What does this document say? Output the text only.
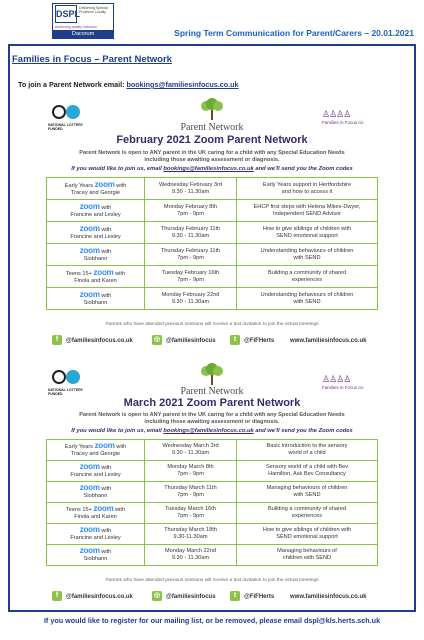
DSPL
Delivering Special Provision Locally
Achieving quality inclusion
Dacorum	Spring Term Communication for Parent/Carers – 20.01.2021
Families in Focus – Parent Network
To join a Parent Network email: bookings@familiesinfocus.co.uk
NATIONAL LOTTERY FUNDED	Parent Network
♙♙♙♙
Families in Focus cic
February 2021 Zoom Parent Network
Parent Network is open to ANY parent in the UK caring for a child with any Special Education Needs
including those awaiting assessment or diagnosis.
If you would like to join us, email bookings@familiesinfocus.co.uk and we'll send you the Zoom codes
Early Years zoom with
Tracey and Georgie	Wednesday February 3rd
9.30 - 11.30am	Early Years support in Hertfordshire
and how to access it
zoom with
Francine and Lesley	Monday February 8th
7pm - 9pm	EHCP first steps with Helena Mikes-Dwyer,
Independent SEND Advisor
zoom with
Francine and Lesley	Thursday February 11th
9.30 - 11.30am	How to give siblings of children with
SEND emotional support
zoom with
Siobhann	Thursday February 11th
7pm - 9pm	Understanding behaviours of children
with SEND
Teens 15+ zoom with
Finola and Karen	Tuesday February 16th
7pm - 9pm	Building a community of shared
experiences
zoom with
Siobhann	Monday February 22nd
9.30 - 11.30am	Understanding behaviours of children
with SEND
Parents who have attended previous sessions will receive a text invitation to join the virtual meetings
f @familiesinfocus.co.uk	◎ @familiesinfocus	t @FiFHerts	www.familiesinfocus.co.uk
NATIONAL LOTTERY FUNDED	Parent Network
♙♙♙♙
Families in Focus cic
March 2021 Zoom Parent Network
Parent Network is open to ANY parent in the UK caring for a child with any Special Education Needs
including those awaiting assessment or diagnosis.
If you would like to join us, email bookings@familiesinfocus.co.uk and we'll send you the Zoom codes
Early Years zoom with
Tracey and Georgie	Wednesday March 3rd
9.30 - 11.30am	Basic introduction to the sensory
world of a child
zoom with
Francine and Lesley	Monday March 8th
7pm - 9pm	Sensory world of a child with Bev
Hamilton, Ask Bev Consultancy
zoom with
Siobhann	Thursday March 11th
7pm - 9pm	Managing behaviours of children
with SEND
Teens 15+ zoom with
Finola and Karen	Tuesday March 16th
7pm - 9pm	Building a community of shared
experiences
zoom with
Francine and Lesley	Thursday March 18th
9.30-11.30am	How to give siblings of children with
SEND emotional support
zoom with
Siobhann	Monday March 22nd
9.30 - 11.30am	Managing behaviours of
children with SEND
Parents who have attended previous sessions will receive a text invitation to join the virtual meetings
f @familiesinfocus.co.uk	◎ @familiesinfocus	t @FiFHerts	www.familiesinfocus.co.uk
If you would like to register for our mailing list, or be removed, please email dspl@kls.herts.sch.uk
